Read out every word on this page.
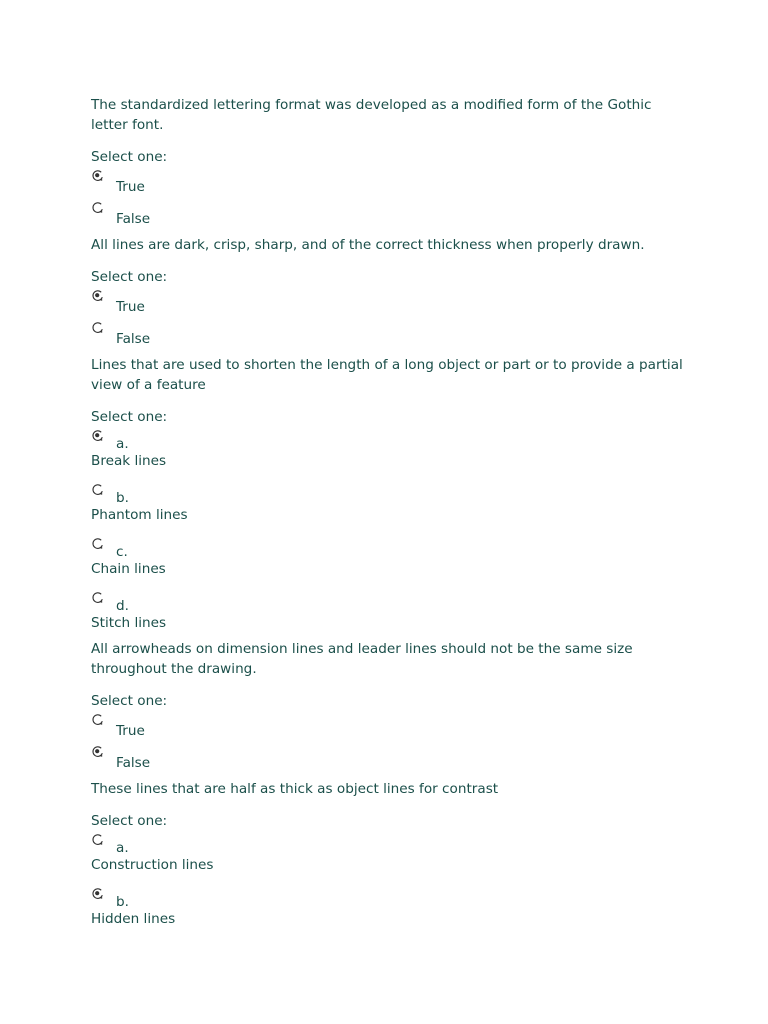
The standardized lettering format was developed as a modified form of the Gothic letter font.

Select one:

True
False

All lines are dark, crisp, sharp, and of the correct thickness when properly drawn.

Select one:

True
False

Lines that are used to shorten the length of a long object or part or to provide a partial view of a feature

Select one:

a.

Break lines

b.

Phantom lines

c.

Chain lines

d.

Stitch lines

All arrowheads on dimension lines and leader lines should not be the same size throughout the drawing.

Select one:

True
False

These lines that are half as thick as object lines for contrast

Select one:

a.

Construction lines

b.

Hidden lines
